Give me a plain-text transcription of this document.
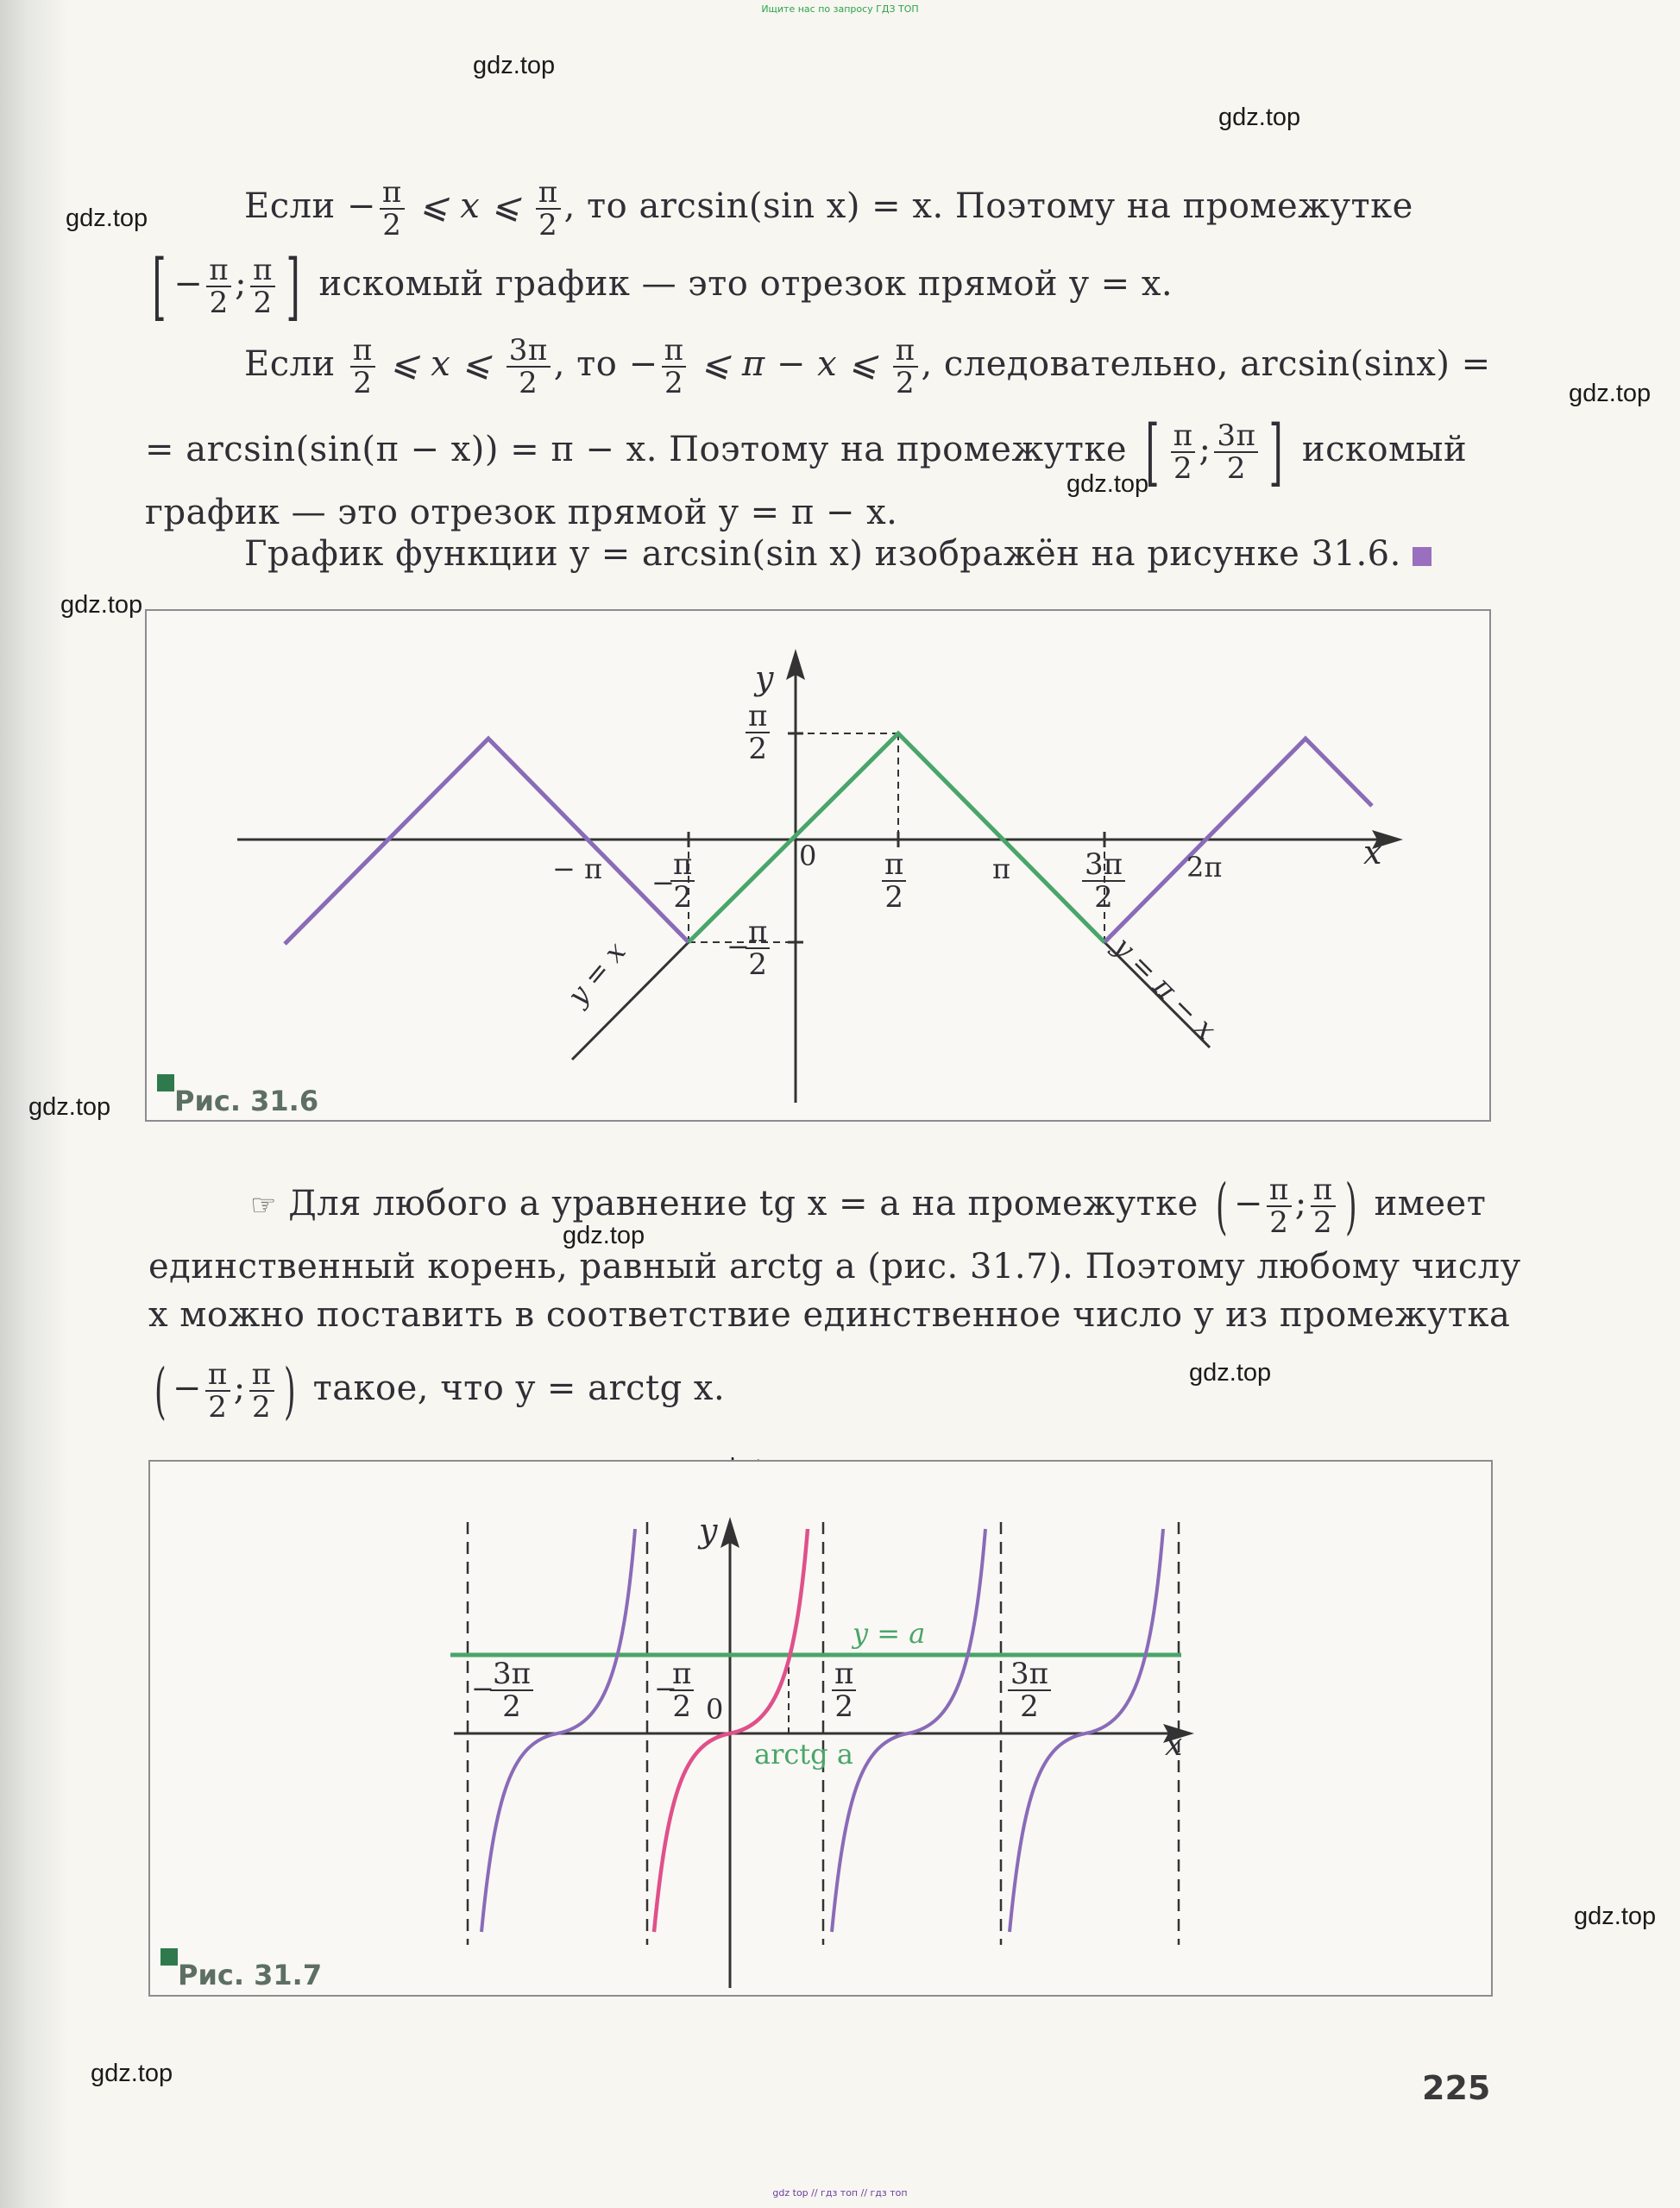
Ищите нас по запросу ГДЗ ТОП
gdz.top
gdz.top
gdz.top
gdz.top
gdz.top
gdz.top
gdz.top
gdz.top
gdz.top
gdz.top
gdz.top
Если − $\frac{\pi}{2}$ ⩽ x ⩽ $\frac{\pi}{2}$ , то arcsin(sin x) = x. Поэтому на промежутке
[ − $\frac{\pi}{2}$ ; $\frac{\pi}{2}$ ] искомый график — это отрезок прямой y = x.
Если $\frac{\pi}{2}$ ⩽ x ⩽ $\frac{3\pi}{2}$ , то − $\frac{\pi}{2}$ ⩽ π − x ⩽ $\frac{\pi}{2}$ , следовательно, arcsin(sinx) =
= arcsin(sin(π − x)) = π − x. Поэтому на промежутке [ $\frac{\pi}{2}$ ; $\frac{3\pi}{2}$ ] искомый
график — это отрезок прямой y = π − x.
График функции y = arcsin(sin x) изображён на рисунке 31.6.
y
x
0
$\frac{\pi}{2}$
−
$\frac{\pi}{2}$
− π −
$\frac{\pi}{2}$	$\frac{\pi}{2}$	π $\frac{3\pi}{2} 2\pi$
y = x	y = π − x
Рис. 31.6
☞ Для любого a уравнение tg x = a на промежутке ( − $\frac{\pi}{2}$ ; $\frac{\pi}{2}$ ) имеет
единственный корень, равный arctg a (рис. 31.7). Поэтому любому числу
x можно поставить в соответствие единственное число y из промежутка
( − $\frac{\pi}{2}$ ; $\frac{\pi}{2}$ ) такое, что y = arctg x.
y
x
0
y = a
arctg a
−
$\frac{3\pi}{2}$	−
$\frac{\pi}{2}$	$\frac{\pi}{2}$	$\frac{3\pi}{2}$
Рис. 31.7
225
gdz top // гдз топ // гдз топ
